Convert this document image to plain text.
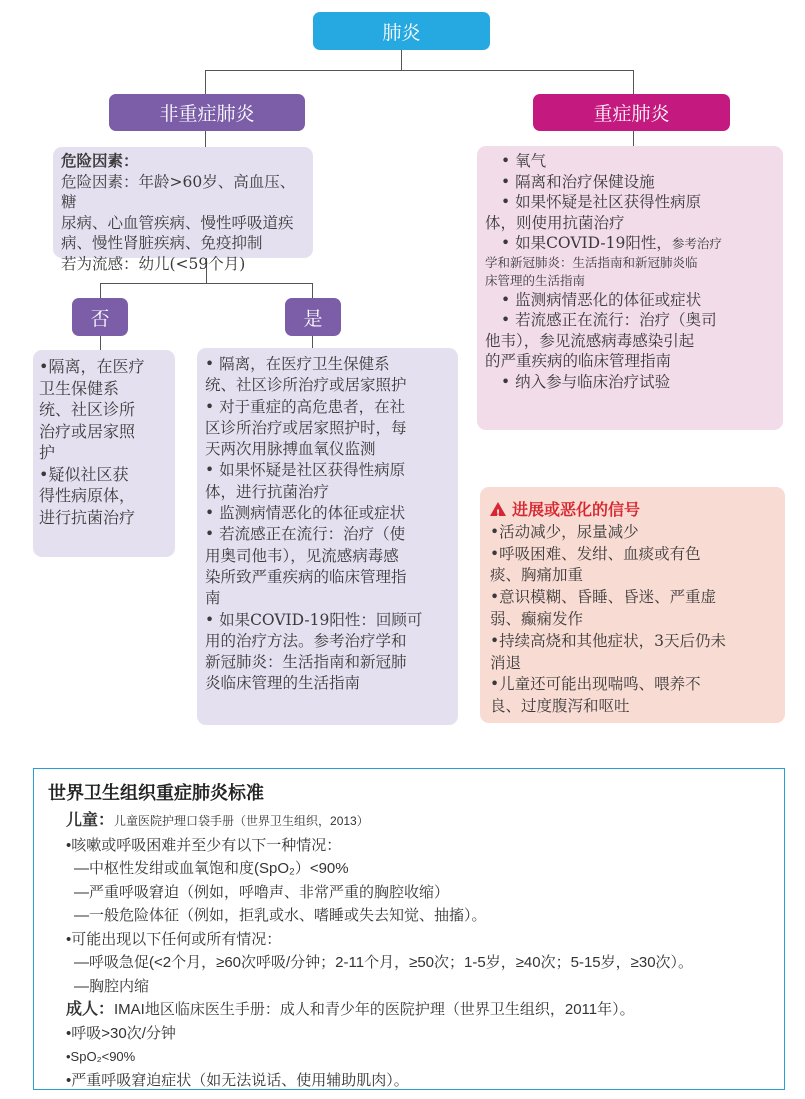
肺炎
非重症肺炎	重症肺炎

危险因素：

危险因素：年龄>60岁、高血压、糖

尿病、心血管疾病、慢性呼吸道疾

病、慢性肾脏疾病、免疫抑制

若为流感：幼儿(<59个月)

否	是

•隔离，在医疗

卫生保健系

统、社区诊所

治疗或居家照

护

•疑似社区获

得性病原体，

进行抗菌治疗

• 隔离，在医疗卫生保健系

统、社区诊所治疗或居家照护

• 对于重症的高危患者，在社

区诊所治疗或居家照护时，每

天两次用脉搏血氧仪监测

• 如果怀疑是社区获得性病原

体，进行抗菌治疗

• 监测病情恶化的体征或症状

• 若流感正在流行：治疗（使

用奥司他韦），见流感病毒感

染所致严重疾病的临床管理指

南

• 如果COVID-19阳性：回顾可

用的治疗方法。参考治疗学和

新冠肺炎：生活指南和新冠肺

炎临床管理的生活指南

• 氧气

• 隔离和治疗保健设施

• 如果怀疑是社区获得性病原

体，则使用抗菌治疗

• 如果COVID-19阳性，参考治疗

学和新冠肺炎：生活指南和新冠肺炎临

床管理的生活指南

• 监测病情恶化的体征或症状

• 若流感正在流行：治疗（奥司

他韦），参见流感病毒感染引起

的严重疾病的临床管理指南

• 纳入参与临床治疗试验

!进展或恶化的信号

•活动减少，尿量减少

•呼吸困难、发绀、血痰或有色

痰、胸痛加重

•意识模糊、昏睡、昏迷、严重虚

弱、癫痫发作

•持续高烧和其他症状，3天后仍未

消退

•儿童还可能出现喘鸣、喂养不

良、过度腹泻和呕吐

世界卫生组织重症肺炎标准
儿童：儿童医院护理口袋手册（世界卫生组织，2013）
•咳嗽或呼吸困难并至少有以下一种情况：
—中枢性发绀或血氧饱和度(SpO₂）<90%
—严重呼吸窘迫（例如，呼噜声、非常严重的胸腔收缩）
—一般危险体征（例如，拒乳或水、嗜睡或失去知觉、抽搐）。
•可能出现以下任何或所有情况：
—呼吸急促(<2个月，≥60次呼吸/分钟；2-11个月，≥50次；1-5岁，≥40次；5-15岁，≥30次）。
—胸腔内缩
成人：IMAI地区临床医生手册：成人和青少年的医院护理（世界卫生组织，2011年）。
•呼吸>30次/分钟
•SpO₂<90%
•严重呼吸窘迫症状（如无法说话、使用辅助肌肉）。
